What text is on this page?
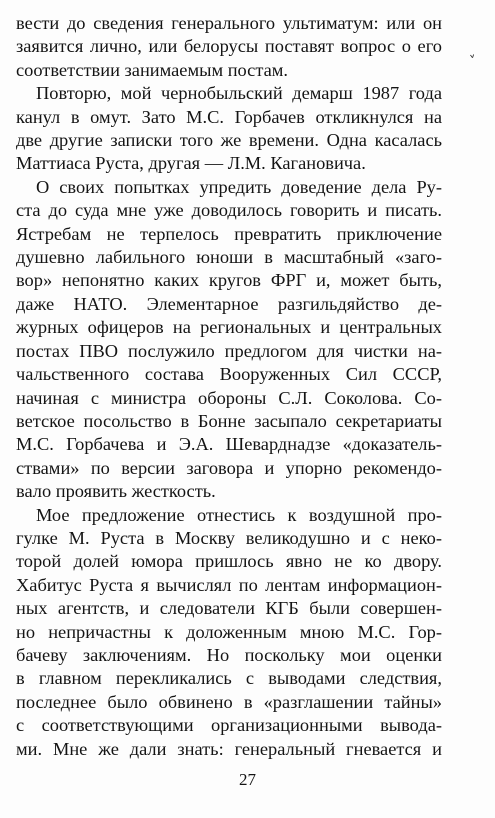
вести до сведения генерального ультиматум: или он
заявится лично, или белорусы поставят вопрос о его
соответствии занимаемым постам.

Повторю, мой чернобыльский демарш 1987 года
канул в омут. Зато М.С. Горбачев откликнулся на
две другие записки того же времени. Одна касалась
Маттиаса Руста, другая — Л.М. Кагановича.

О своих попытках упредить доведение дела Ру-
ста до суда мне уже доводилось говорить и писать.
Ястребам не терпелось превратить приключение
душевно лабильного юноши в масштабный «заго-
вор» непонятно каких кругов ФРГ и, может быть,
даже НАТО. Элементарное разгильдяйство де-
журных офицеров на региональных и центральных
постах ПВО послужило предлогом для чистки на-
чальственного состава Вооруженных Сил СССР,
начиная с министра обороны С.Л. Соколова. Со-
ветское посольство в Бонне засыпало секретариаты
М.С. Горбачева и Э.А. Шеварднадзе «доказатель-
ствами» по версии заговора и упорно рекомендо-
вало проявить жесткость.

Мое предложение отнестись к воздушной про-
гулке М. Руста в Москву великодушно и с неко-
торой долей юмора пришлось явно не ко двору.
Хабитус Руста я вычислял по лентам информацион-
ных агентств, и следователи КГБ были совершен-
но непричастны к доложенным мною М.С. Гор-
бачеву заключениям. Но поскольку мои оценки
в главном перекликались с выводами следствия,
последнее было обвинено в «разглашении тайны»
с соответствующими организационными вывода-
ми. Мне же дали знать: генеральный гневается и

27
˅
